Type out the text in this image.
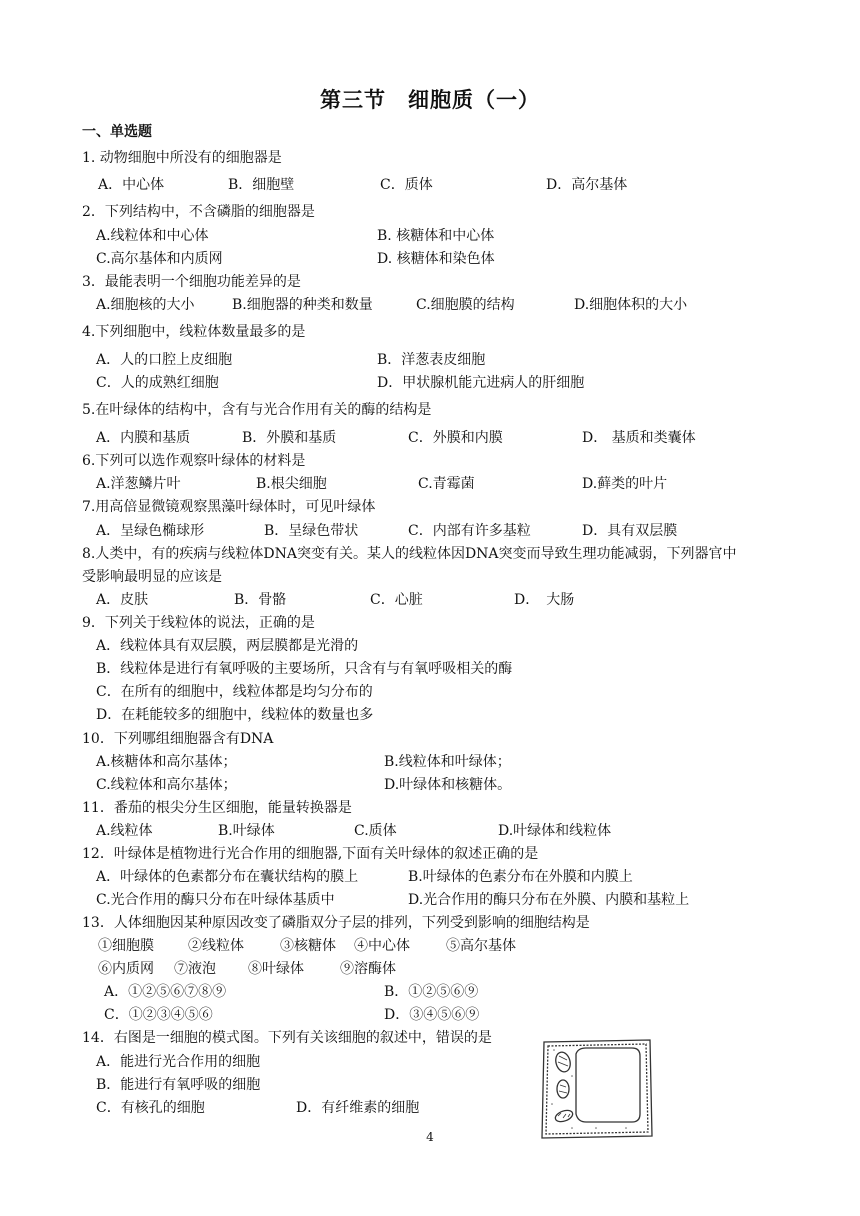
第三节　细胞质（一）
一、单选题
1. 动物细胞中所没有的细胞器是
A．中心体	B．细胞壁	C．质体	D．高尔基体
2．下列结构中，不含磷脂的细胞器是
A.线粒体和中心体	B. 核糖体和中心体
C.高尔基体和内质网	D. 核糖体和染色体
3．最能表明一个细胞功能差异的是
A.细胞核的大小	B.细胞器的种类和数量	C.细胞膜的结构	D.细胞体积的大小
4.下列细胞中，线粒体数量最多的是
A．人的口腔上皮细胞	B．洋葱表皮细胞
C．人的成熟红细胞	D．甲状腺机能亢进病人的肝细胞
5.在叶绿体的结构中，含有与光合作用有关的酶的结构是
A．内膜和基质	B．外膜和基质	C．外膜和内膜	D． 基质和类囊体
6.下列可以选作观察叶绿体的材料是
A.洋葱鳞片叶	B.根尖细胞	C.青霉菌	D.藓类的叶片
7.用高倍显微镜观察黑藻叶绿体时，可见叶绿体
A．呈绿色椭球形	B．呈绿色带状	C．内部有许多基粒	D．具有双层膜
8.人类中，有的疾病与线粒体DNA突变有关。某人的线粒体因DNA突变而导致生理功能减弱，下列器官中
受影响最明显的应该是
A．皮肤	B．骨骼	C．心脏	D．　大肠
9．下列关于线粒体的说法，正确的是
A．线粒体具有双层膜，两层膜都是光滑的
B．线粒体是进行有氧呼吸的主要场所，只含有与有氧呼吸相关的酶
C．在所有的细胞中，线粒体都是均匀分布的
D．在耗能较多的细胞中，线粒体的数量也多
10．下列哪组细胞器含有DNA
A.核糖体和高尔基体；	B.线粒体和叶绿体；
C.线粒体和高尔基体；	D.叶绿体和核糖体。
11．番茄的根尖分生区细胞，能量转换器是
A.线粒体	B.叶绿体	C.质体	D.叶绿体和线粒体
12．叶绿体是植物进行光合作用的细胞器,下面有关叶绿体的叙述正确的是
A．叶绿体的色素都分布在囊状结构的膜上	B.叶绿体的色素分布在外膜和内膜上
C.光合作用的酶只分布在叶绿体基质中	D.光合作用的酶只分布在外膜、内膜和基粒上
13．人体细胞因某种原因改变了磷脂双分子层的排列，下列受到影响的细胞结构是
①细胞膜 ②线粒体	③核糖体 ④中心体	⑤高尔基体
⑥内质网 ⑦液泡 ⑧叶绿体	⑨溶酶体
A．①②⑤⑥⑦⑧⑨	B．①②⑤⑥⑨
C．①②③④⑤⑥	D．③④⑤⑥⑨
14．右图是一细胞的模式图。下列有关该细胞的叙述中，错误的是
A．能进行光合作用的细胞
B．能进行有氧呼吸的细胞
C．有核孔的细胞	D．有纤维素的细胞
4
